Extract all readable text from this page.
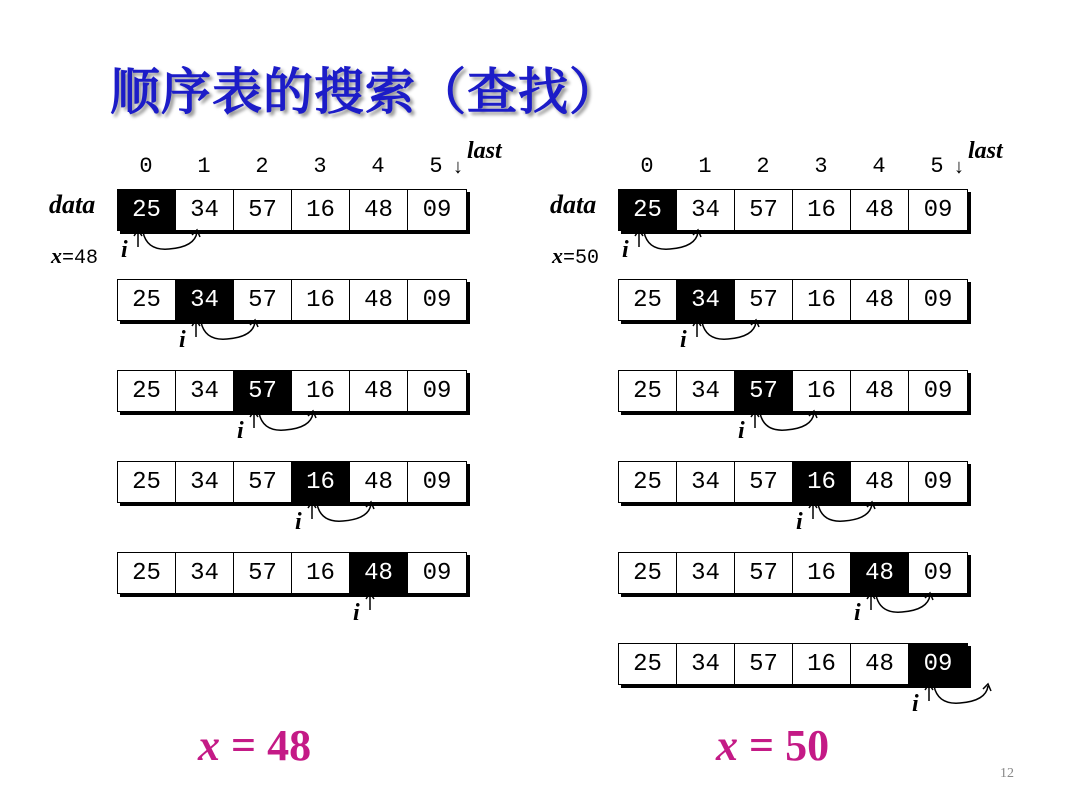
顺序表的搜索（查找）
0	1	2	3	4	5 ↓
last
data
x=48
25	34	57	16	48	09
i
25	34	57	16	48	09
i
25	34	57	16	48	09
i
25	34	57	16	48	09
i
25	34	57	16	48	09
i
0	1	2	3	4	5 ↓
last
data
x=50
25	34	57	16	48	09
i
25	34	57	16	48	09
i
25	34	57	16	48	09
i
25	34	57	16	48	09
i
25	34	57	16	48	09
i
25	34	57	16	48	09
i
x = 48	x = 50
12
